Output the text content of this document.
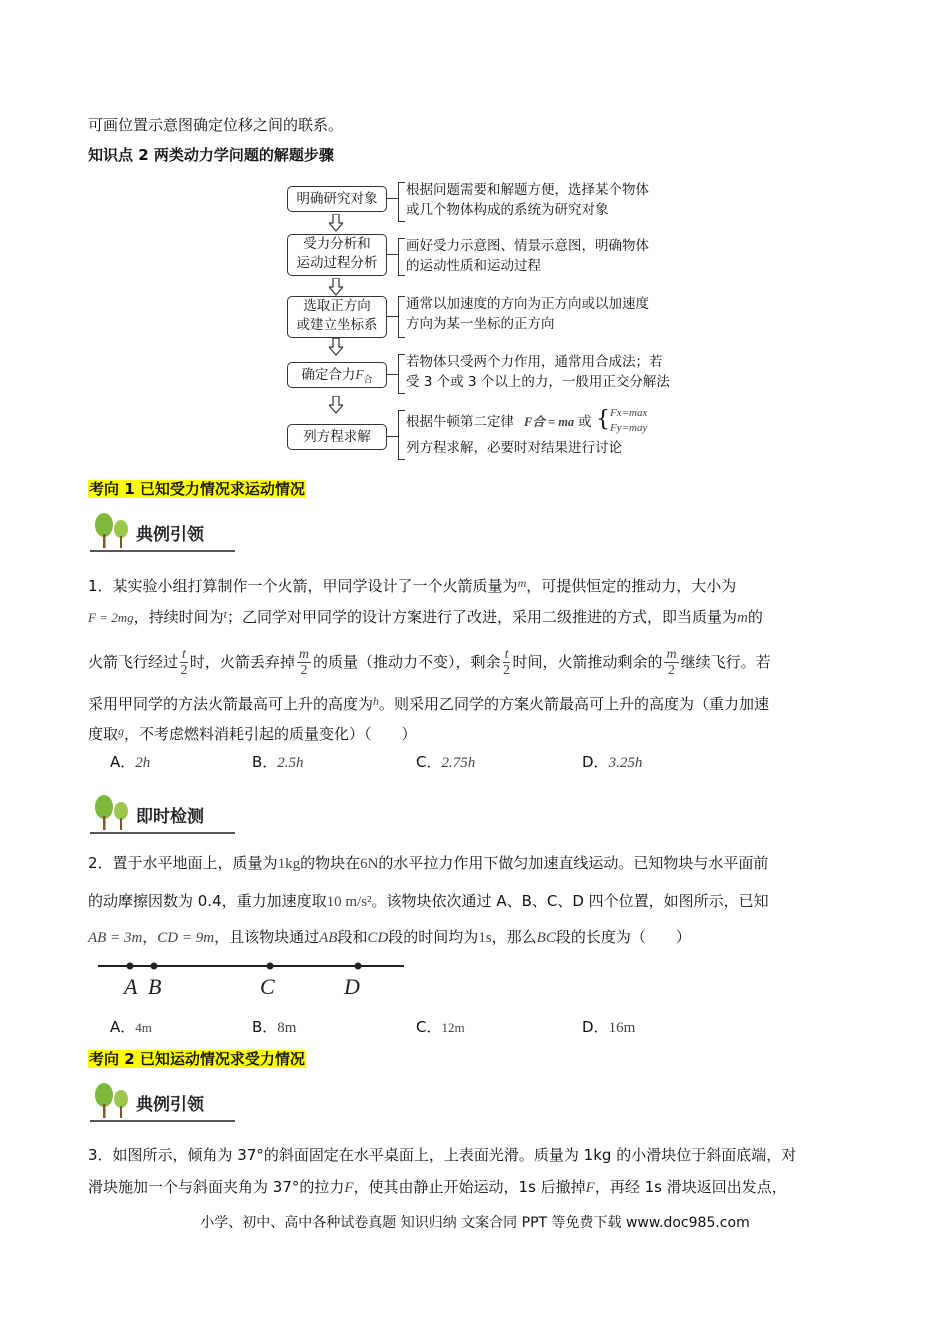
可画位置示意图确定位移之间的联系。
知识点 2 两类动力学问题的解题步骤
明确研究对象
根据问题需要和解题方便，选择某个物体
或几个物体构成的系统为研究对象
受力分析和
运动过程分析
画好受力示意图、情景示意图，明确物体
的运动性质和运动过程
选取正方向
或建立坐标系
通常以加速度的方向为正方向或以加速度
方向为某一坐标的正方向
确定合力$F_合$
若物体只受两个力作用，通常用合成法；若
受 3 个或 3 个以上的力，一般用正交分解法
列方程求解
根据牛顿第二定律 F合 = ma 或 { Fx=max
Fy=may
列方程求解，必要时对结果进行讨论
考向 1 已知受力情况求运动情况
典例引领
1．某实验小组打算制作一个火箭，甲同学设计了一个火箭质量为$^m$，可提供恒定的推动力，大小为
F = 2mg，持续时间为$^t$；乙同学对甲同学的设计方案进行了改进，采用二级推进的方式，即当质量为m的
火箭飞行经过 $\frac{t}{2}$ 时，火箭丢弃掉 $\frac{m}{2}$ 的质量（推动力不变），剩余 $\frac{t}{2}$ 时间，火箭推动剩余的 $\frac{m}{2}$ 继续飞行。若
采用甲同学的方法火箭最高可上升的高度为$^h$。则采用乙同学的方案火箭最高可上升的高度为（重力加速
度取$^g$，不考虑燃料消耗引起的质量变化）（　　）
A．2h	B．2.5h	C．2.75h	D．3.25h
即时检测
2．置于水平地面上，质量为1kg的物块在6N的水平拉力作用下做匀加速直线运动。已知物块与水平面前
的动摩擦因数为 0.4，重力加速度取10 m/s²。该物块依次通过 A、B、C、D 四个位置，如图所示，已知
AB = 3m，CD = 9m，且该物块通过AB段和CD段的时间均为1s，那么BC段的长度为（　　）
A B	C	D
A．4m	B．8m	C．12m	D．16m
考向 2 已知运动情况求受力情况
典例引领
3．如图所示，倾角为 37°的斜面固定在水平桌面上，上表面光滑。质量为 1kg 的小滑块位于斜面底端，对
滑块施加一个与斜面夹角为 37°的拉力F，使其由静止开始运动，1s 后撤掉F，再经 1s 滑块返回出发点，
小学、初中、高中各种试卷真题 知识归纳 文案合同 PPT 等免费下载 www.doc985.com
